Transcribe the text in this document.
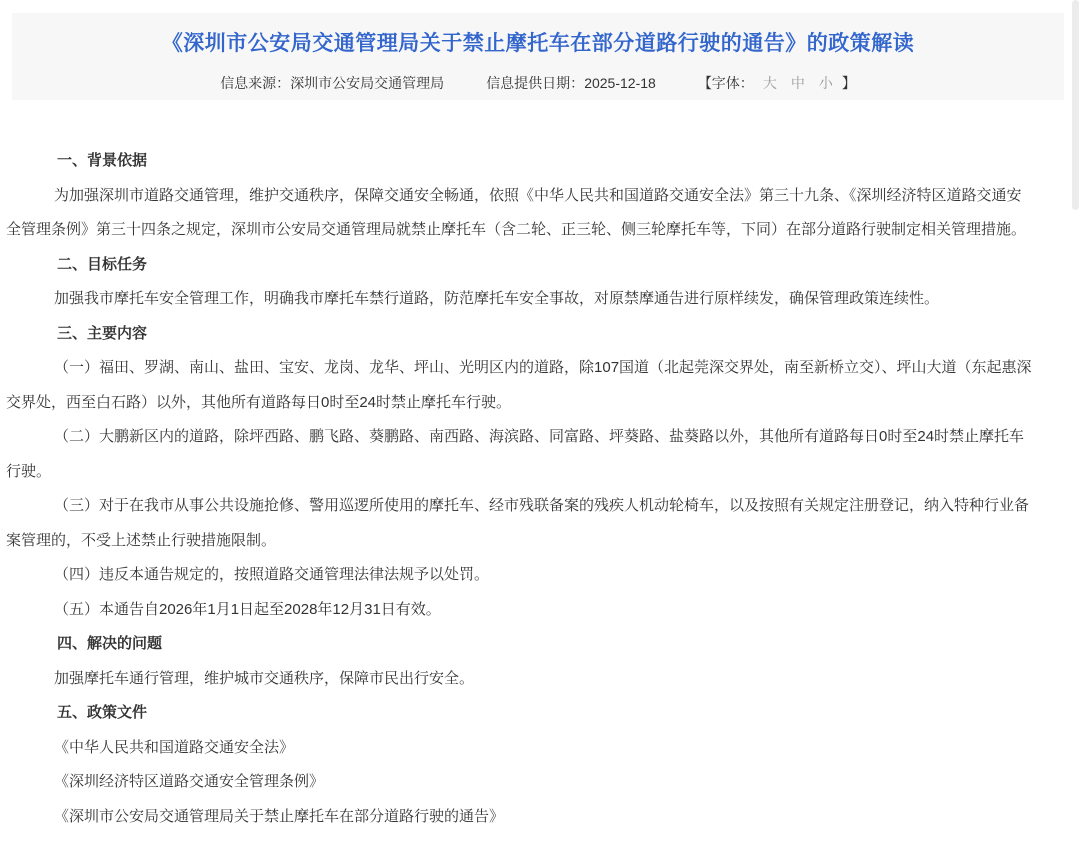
《深圳市公安局交通管理局关于禁止摩托车在部分道路行驶的通告》的政策解读
信息来源： 深圳市公安局交通管理局	信息提供日期： 2025-12-18	【字体： 大 中 小 】
一、背景依据

为加强深圳市道路交通管理，维护交通秩序，保障交通安全畅通，依照《中华人民共和国道路交通安全法》第三十九条、《深圳经济特区道路交通安全管理条例》第三十四条之规定，深圳市公安局交通管理局就禁止摩托车（含二轮、正三轮、侧三轮摩托车等，下同）在部分道路行驶制定相关管理措施。

二、目标任务

加强我市摩托车安全管理工作，明确我市摩托车禁行道路，防范摩托车安全事故，对原禁摩通告进行原样续发，确保管理政策连续性。

三、主要内容

（一）福田、罗湖、南山、盐田、宝安、龙岗、龙华、坪山、光明区内的道路，除107国道（北起莞深交界处，南至新桥立交）、坪山大道（东起惠深交界处，西至白石路）以外，其他所有道路每日0时至24时禁止摩托车行驶。

（二）大鹏新区内的道路，除坪西路、鹏飞路、葵鹏路、南西路、海滨路、同富路、坪葵路、盐葵路以外，其他所有道路每日0时至24时禁止摩托车行驶。

（三）对于在我市从事公共设施抢修、警用巡逻所使用的摩托车、经市残联备案的残疾人机动轮椅车，以及按照有关规定注册登记，纳入特种行业备案管理的，不受上述禁止行驶措施限制。

（四）违反本通告规定的，按照道路交通管理法律法规予以处罚。

（五）本通告自2026年1月1日起至2028年12月31日有效。

四、解决的问题

加强摩托车通行管理，维护城市交通秩序，保障市民出行安全。

五、政策文件

《中华人民共和国道路交通安全法》

《深圳经济特区道路交通安全管理条例》

《深圳市公安局交通管理局关于禁止摩托车在部分道路行驶的通告》
